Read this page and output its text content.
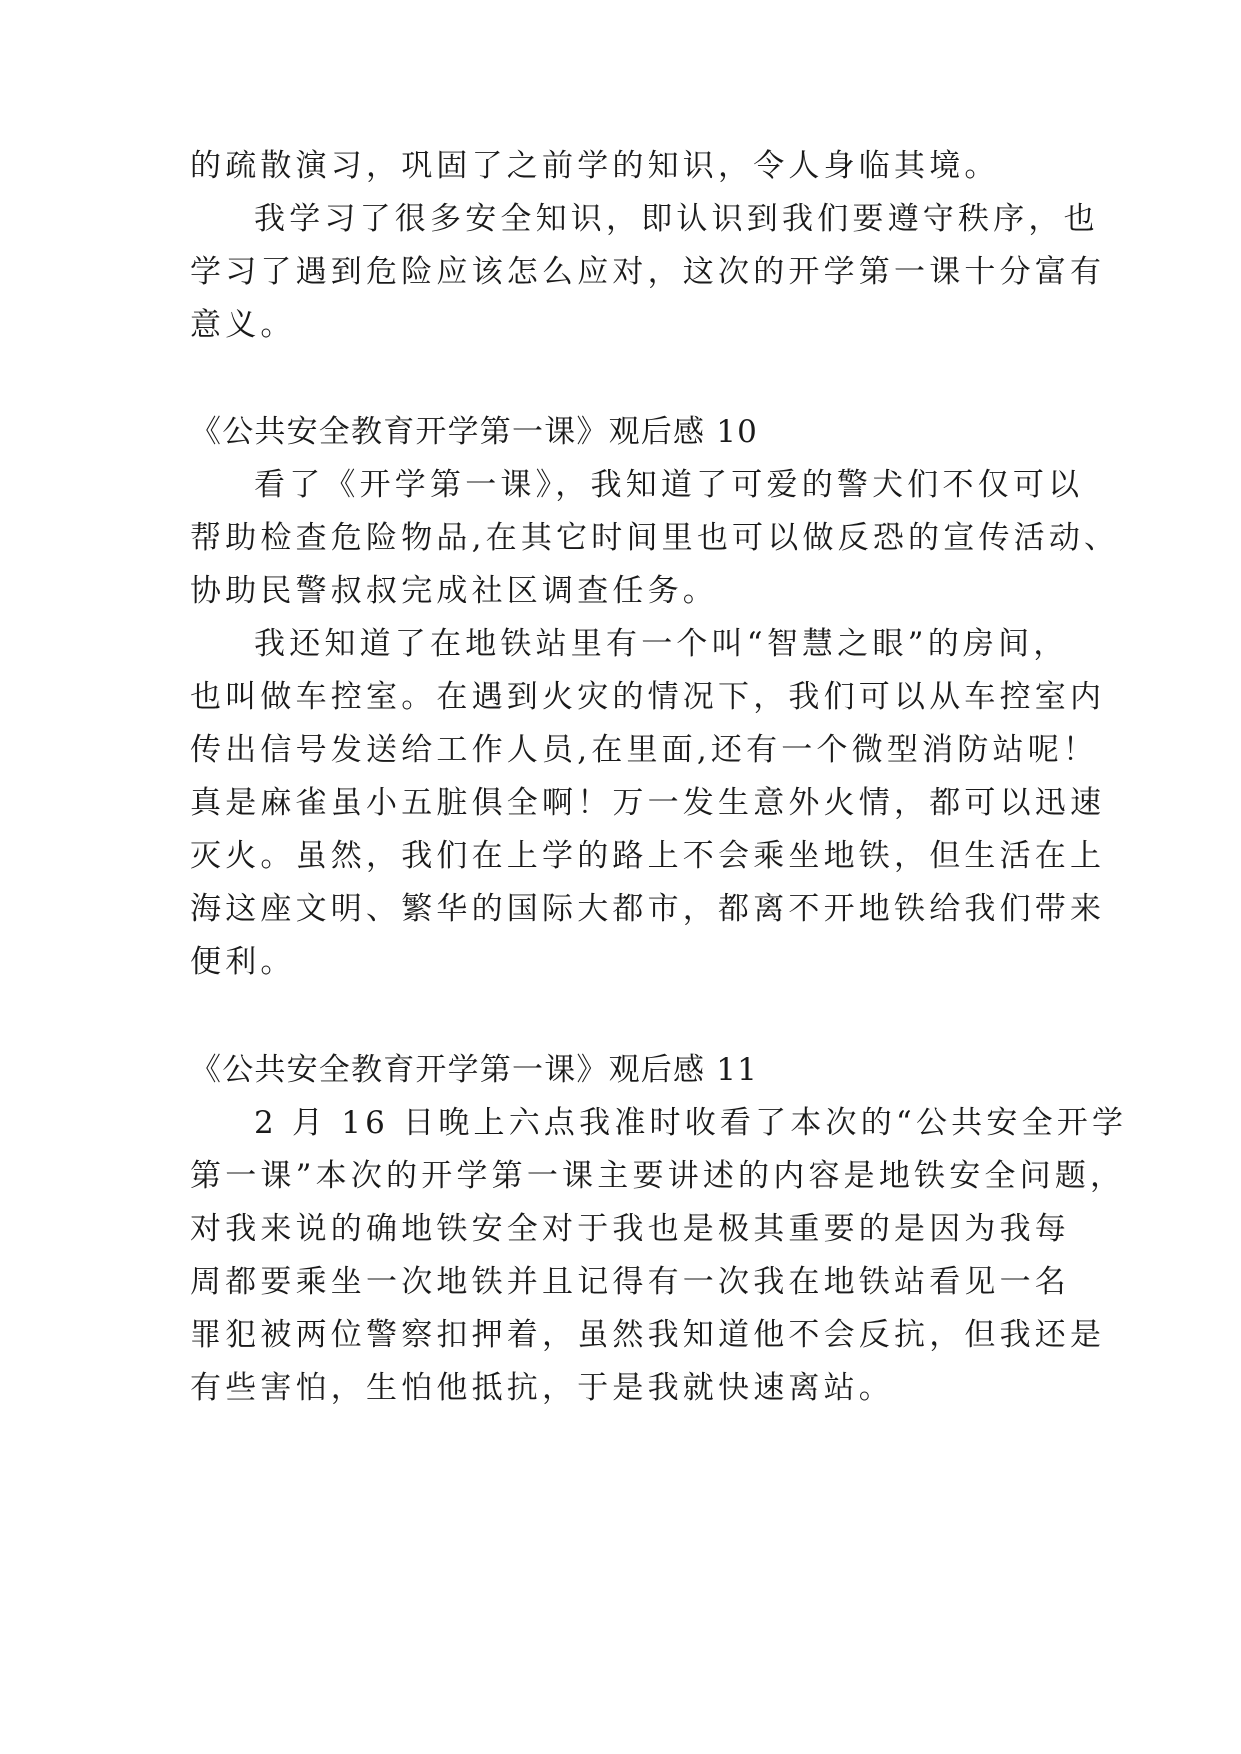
的疏散演习，巩固了之前学的知识，令人身临其境。
我学习了很多安全知识，即认识到我们要遵守秩序，也
学习了遇到危险应该怎么应对，这次的开学第一课十分富有
意义。
《公共安全教育开学第一课》观后感 10
看了《开学第一课》，我知道了可爱的警犬们不仅可以
帮助检查危险物品,在其它时间里也可以做反恐的宣传活动、
协助民警叔叔完成社区调查任务。
我还知道了在地铁站里有一个叫“智慧之眼”的房间，
也叫做车控室。在遇到火灾的情况下，我们可以从车控室内
传出信号发送给工作人员,在里面,还有一个微型消防站呢！
真是麻雀虽小五脏俱全啊！万一发生意外火情，都可以迅速
灭火。虽然，我们在上学的路上不会乘坐地铁，但生活在上
海这座文明、繁华的国际大都市，都离不开地铁给我们带来
便利。
《公共安全教育开学第一课》观后感 11
2 月 16 日晚上六点我准时收看了本次的“公共安全开学
第一课”本次的开学第一课主要讲述的内容是地铁安全问题，
对我来说的确地铁安全对于我也是极其重要的是因为我每
周都要乘坐一次地铁并且记得有一次我在地铁站看见一名
罪犯被两位警察扣押着，虽然我知道他不会反抗，但我还是
有些害怕，生怕他抵抗，于是我就快速离站。
